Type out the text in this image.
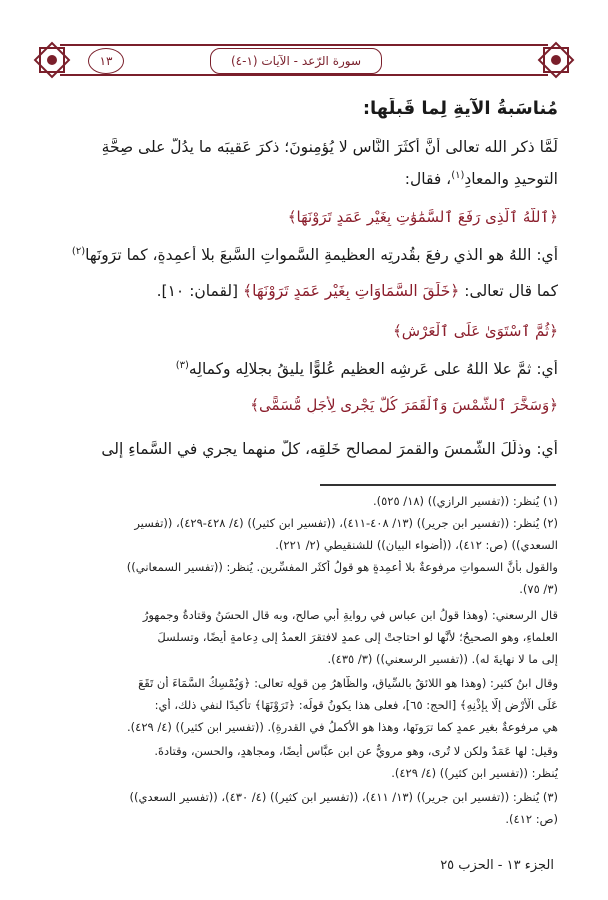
سورة الرّعد - الآيات (١-٤)
١٣
مُناسَبةُ الآيةِ لِما قَبلَها:
لَمَّا ذكر الله تعالى أنَّ أكثَرَ النَّاسِ لا يُؤمِنونَ؛ ذكرَ عَقيبَه ما يدُلُّ على صِحَّةِ
التوحيدِ والمعادِ$^{(١)}$، فقال:
﴿ٱللَّهُ ٱلَّذِى رَفَعَ ٱلسَّمَٰوَٰتِ بِغَيْرِ عَمَدٍ تَرَوْنَهَا﴾
أي: اللهُ هو الذي رفعَ بقُدرتِه العظيمةِ السَّمواتِ السَّبعَ بلا أعمِدةٍ، كما ترَونَها$^{(٢)}$
كما قال تعالى: ﴿خَلَقَ السَّمَاوَاتِ بِغَيْرِ عَمَدٍ تَرَوْنَهَا﴾ [لقمان: ١٠].
﴿ثُمَّ ٱسْتَوَىٰ عَلَى ٱلْعَرْشِ﴾
أي: ثمَّ علا اللهُ على عَرشِه العظيمِ عُلوًّا يليقُ بجلالِه وكمالِه$^{(٣)}$
﴿وَسَخَّرَ ٱلشَّمْسَ وَٱلْقَمَرَ كُلٌّ يَجْرِى لِأَجَلٍ مُّسَمًّى﴾
أي: وذلَّلَ الشَّمسَ والقمرَ لمصالحِ خَلقِه، كلٌّ منهما يجري في السَّماءِ إلى
(١) يُنظر: ((تفسير الرازي)) (١٨/ ٥٢٥).
(٢) يُنظر: ((تفسير ابن جرير)) (١٣/ ٤٠٨-٤١١)، ((تفسير ابن كثير)) (٤/ ٤٢٨-٤٢٩)، ((تفسير
السعدي)) (ص: ٤١٢)، ((أضواء البيان)) للشنقيطي (٢/ ٢٢١).
والقول بأنَّ السمواتِ مرفوعةٌ بلا أعمِدةٍ هو قولُ أكثَرِ المفسِّرين. يُنظر: ((تفسير السمعاني))
(٣/ ٧٥).
قال الرسعني: (وهذا قولُ ابن عباسٍ في روايةِ أبي صالحٍ، وبه قال الحسَنُ وقتادةُ وجمهورُ
العلماءِ، وهو الصحيحُ؛ لأنَّها لو احتاجتْ إلى عمدٍ لافتقرَ العمدُ إلى دِعامةٍ أيضًا، وتسلسلَ
إلى ما لا نهايةَ له). ((تفسير الرسعني)) (٣/ ٤٣٥).
وقال ابنُ كثيرٍ: (وهذا هو اللائقُ بالسِّياقِ، والظَّاهرُ مِن قولِه تعالى: ﴿وَيُمْسِكُ السَّمَاءَ أَن تَقَعَ
عَلَى الْأَرْضِ إِلَّا بِإِذْنِهِ﴾ [الحج: ٦٥]، فعلى هذا يكونُ قولُه: ﴿تَرَوْنَهَا﴾ تأكيدًا لنفيِ ذلك، أي:
هي مرفوعةٌ بغيرِ عمدٍ كما ترَونَها، وهذا هو الأكملُ في القدرةِ). ((تفسير ابن كثير)) (٤/ ٤٢٩).
وقيل: لها عَمَدٌ ولكن لا تُرى، وهو مرويٌّ عن ابنِ عبَّاسٍ أيضًا، ومجاهدٍ، والحسنِ، وقتادةَ.
يُنظر: ((تفسير ابن كثير)) (٤/ ٤٢٩).
(٣) يُنظر: ((تفسير ابن جرير)) (١٣/ ٤١١)، ((تفسير ابن كثير)) (٤/ ٤٣٠)، ((تفسير السعدي))
(ص: ٤١٢).
الجزء ١٣ - الحزب ٢٥
